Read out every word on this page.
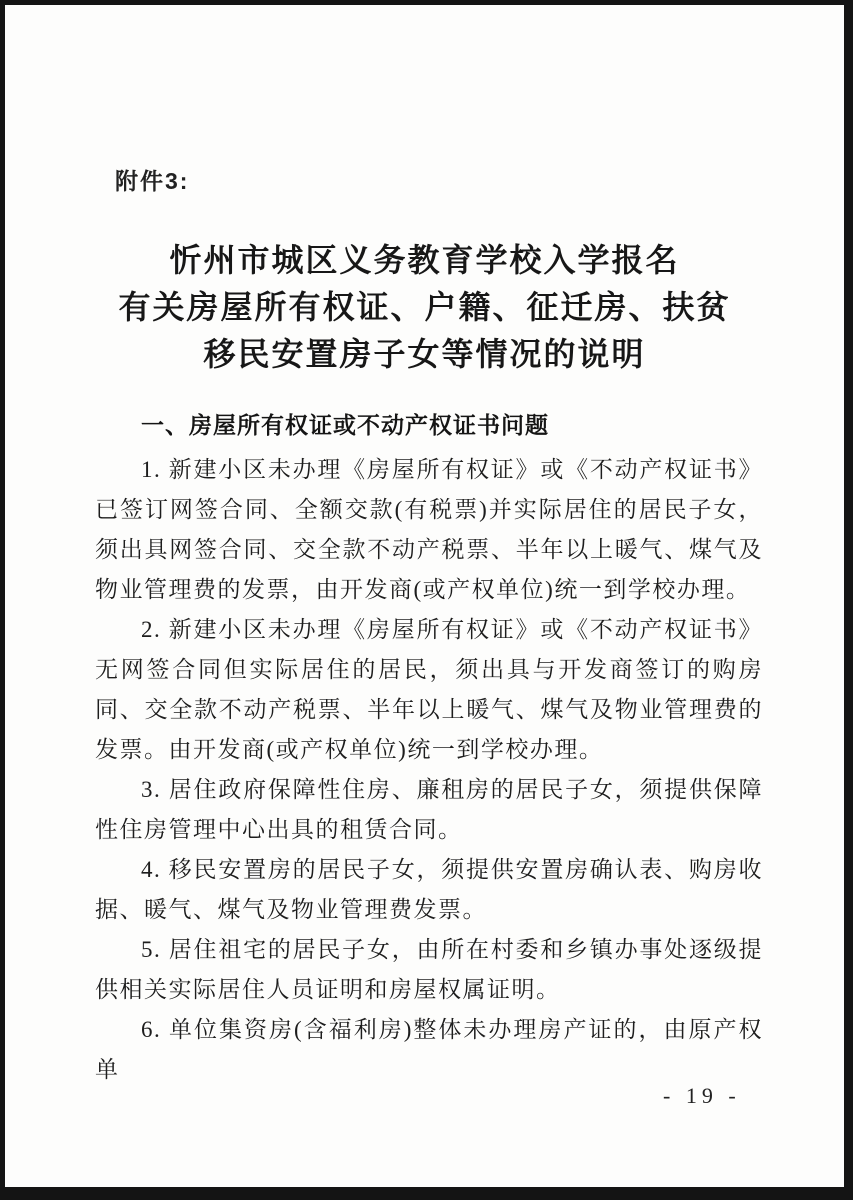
附件3:
忻州市城区义务教育学校入学报名
有关房屋所有权证、户籍、征迁房、扶贫
移民安置房子女等情况的说明
一、房屋所有权证或不动产权证书问题

1. 新建小区未办理《房屋所有权证》或《不动产权证书》已签订网签合同、全额交款(有税票)并实际居住的居民子女，须出具网签合同、交全款不动产税票、半年以上暖气、煤气及物业管理费的发票，由开发商(或产权单位)统一到学校办理。

2. 新建小区未办理《房屋所有权证》或《不动产权证书》无网签合同但实际居住的居民，须出具与开发商签订的购房同、交全款不动产税票、半年以上暖气、煤气及物业管理费的发票。由开发商(或产权单位)统一到学校办理。

3. 居住政府保障性住房、廉租房的居民子女，须提供保障性住房管理中心出具的租赁合同。

4. 移民安置房的居民子女，须提供安置房确认表、购房收据、暖气、煤气及物业管理费发票。

5. 居住祖宅的居民子女，由所在村委和乡镇办事处逐级提供相关实际居住人员证明和房屋权属证明。

6. 单位集资房(含福利房)整体未办理房产证的，由原产权单

- 19 -
